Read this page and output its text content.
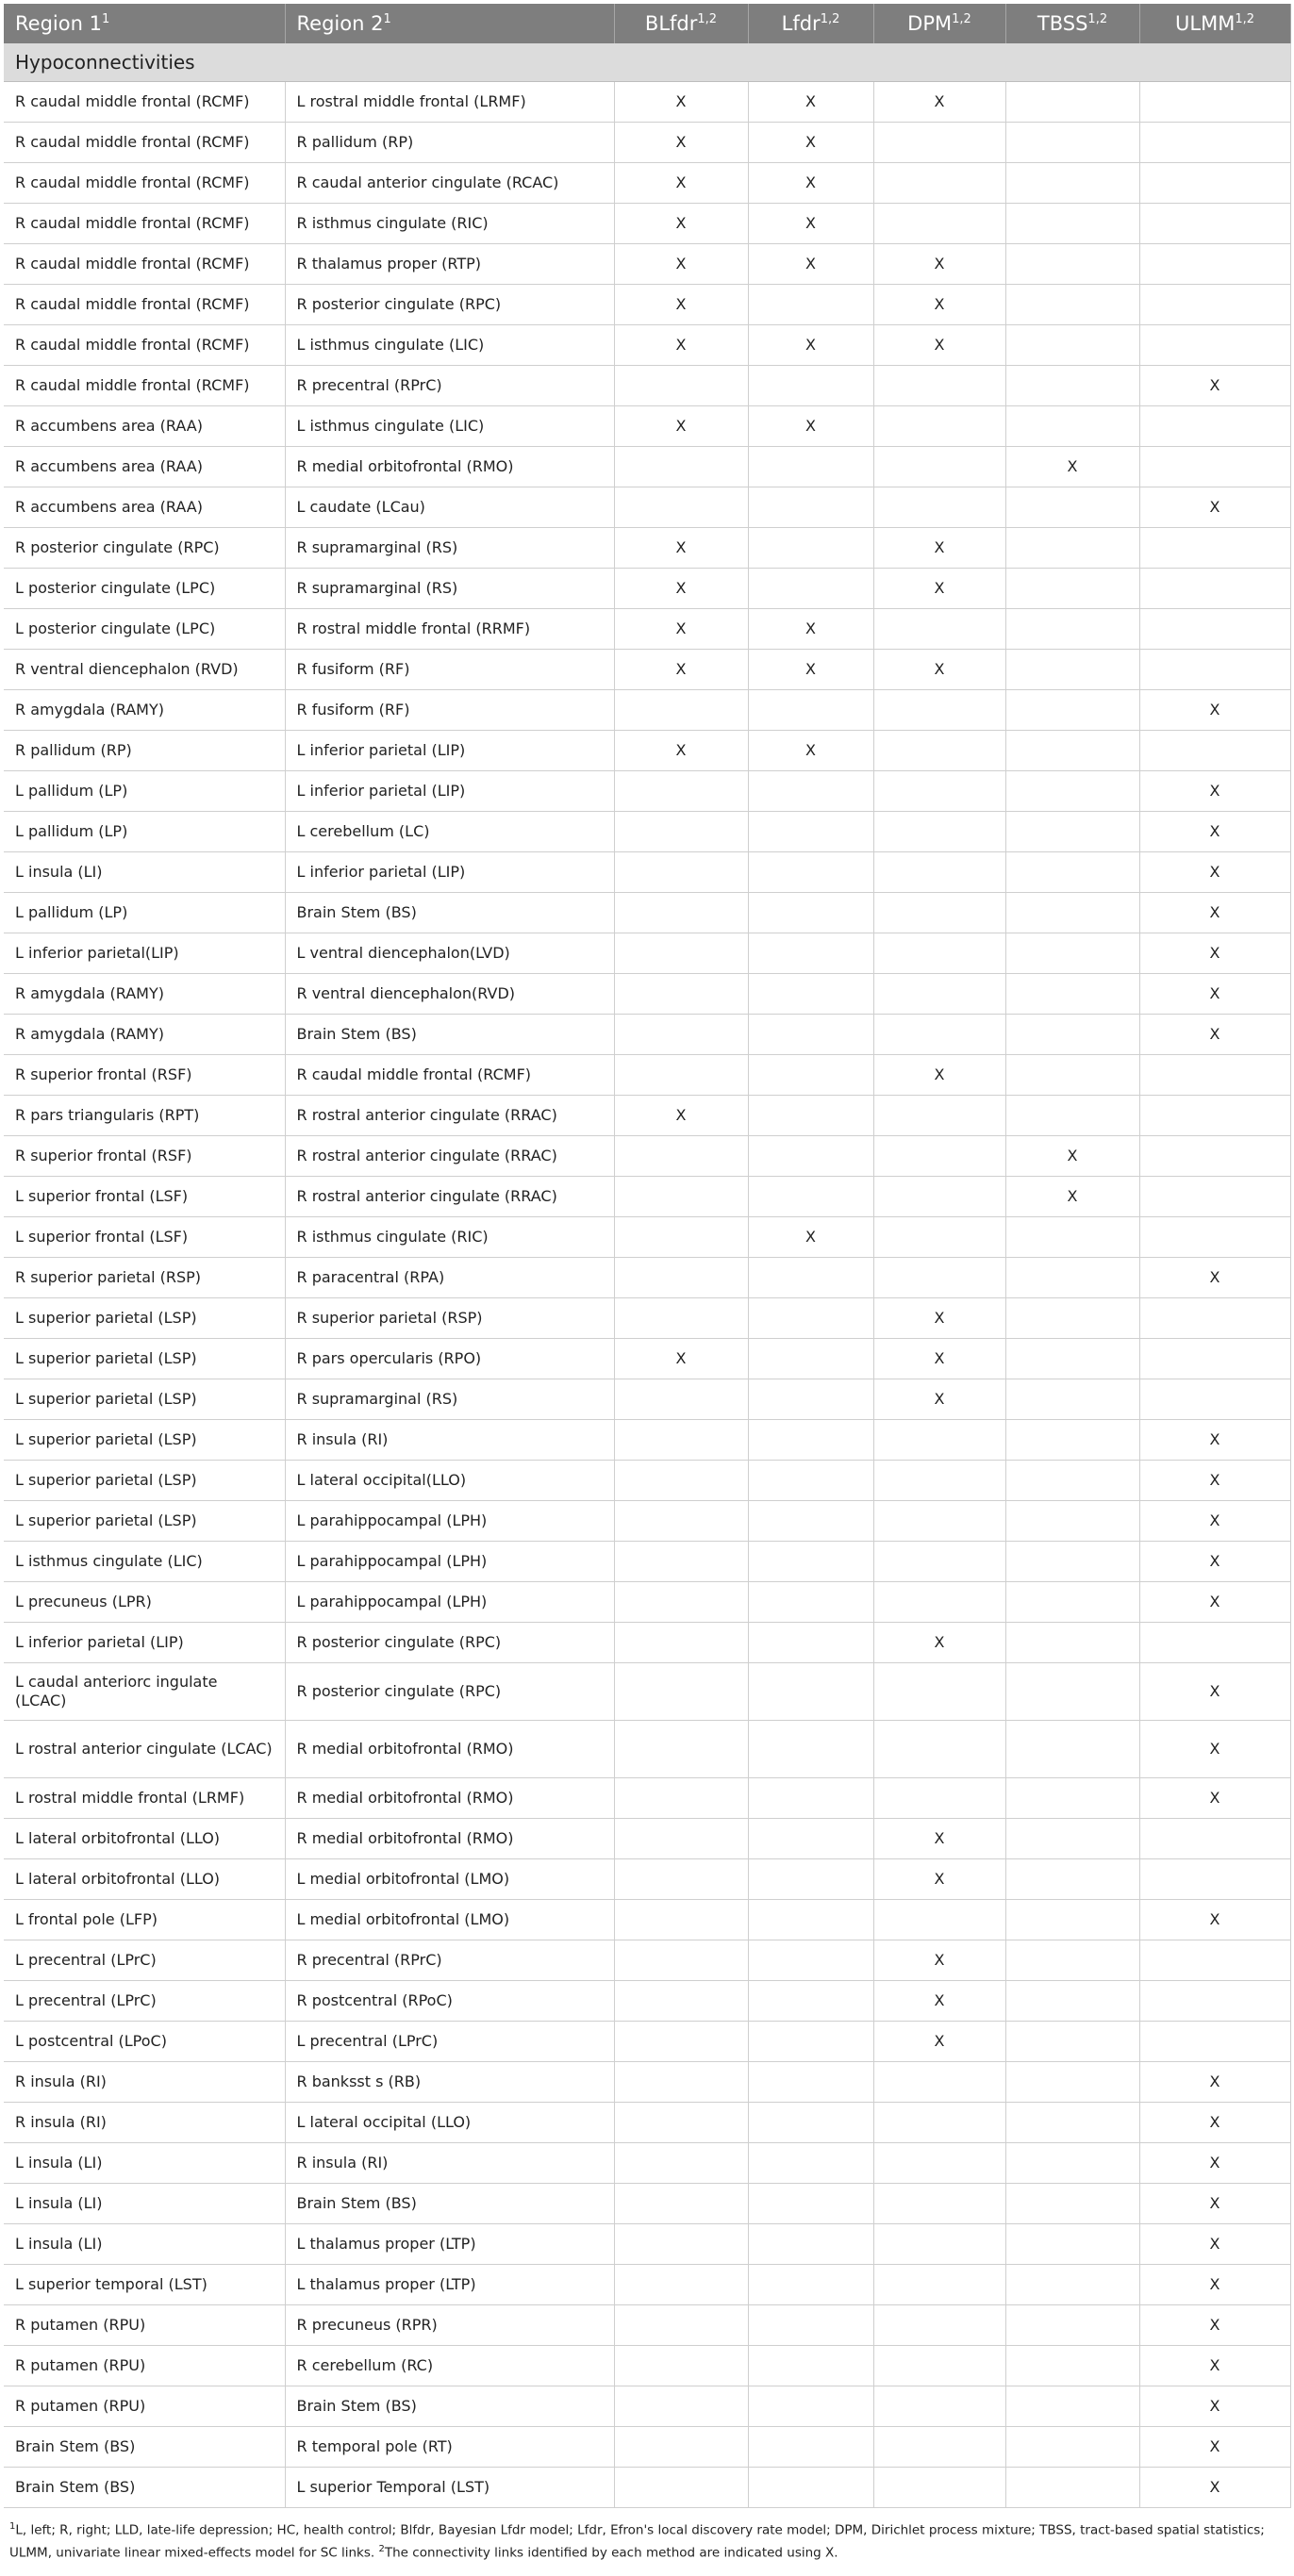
Region $1^1$	Region $2^1$	BLfdr$^{1,2}$	Lfdr$^{1,2}$	DPM$^{1,2}$	TBSS$^{1,2}$	ULMM$^{1,2}$
Hypoconnectivities						
R caudal middle frontal (RCMF)	L rostral middle frontal (LRMF)	X	X	X		
R caudal middle frontal (RCMF)	R pallidum (RP)	X	X			
R caudal middle frontal (RCMF)	R caudal anterior cingulate (RCAC)	X	X			
R caudal middle frontal (RCMF)	R isthmus cingulate (RIC)	X	X			
R caudal middle frontal (RCMF)	R thalamus proper (RTP)	X	X	X		
R caudal middle frontal (RCMF)	R posterior cingulate (RPC)	X		X		
R caudal middle frontal (RCMF)	L isthmus cingulate (LIC)	X	X	X		
R caudal middle frontal (RCMF)	R precentral (RPrC)					X
R accumbens area (RAA)	L isthmus cingulate (LIC)	X	X			
R accumbens area (RAA)	R medial orbitofrontal (RMO)				X	
R accumbens area (RAA)	L caudate (LCau)					X
R posterior cingulate (RPC)	R supramarginal (RS)	X		X		
L posterior cingulate (LPC)	R supramarginal (RS)	X		X		
L posterior cingulate (LPC)	R rostral middle frontal (RRMF)	X	X			
R ventral diencephalon (RVD)	R fusiform (RF)	X	X	X		
R amygdala (RAMY)	R fusiform (RF)					X
R pallidum (RP)	L inferior parietal (LIP)	X	X			
L pallidum (LP)	L inferior parietal (LIP)					X
L pallidum (LP)	L cerebellum (LC)					X
L insula (LI)	L inferior parietal (LIP)					X
L pallidum (LP)	Brain Stem (BS)					X
L inferior parietal(LIP)	L ventral diencephalon(LVD)					X
R amygdala (RAMY)	R ventral diencephalon(RVD)					X
R amygdala (RAMY)	Brain Stem (BS)					X
R superior frontal (RSF)	R caudal middle frontal (RCMF)			X		
R pars triangularis (RPT)	R rostral anterior cingulate (RRAC)	X				
R superior frontal (RSF)	R rostral anterior cingulate (RRAC)				X	
L superior frontal (LSF)	R rostral anterior cingulate (RRAC)				X	
L superior frontal (LSF)	R isthmus cingulate (RIC)		X			
R superior parietal (RSP)	R paracentral (RPA)					X
L superior parietal (LSP)	R superior parietal (RSP)			X		
L superior parietal (LSP)	R pars opercularis (RPO)	X		X		
L superior parietal (LSP)	R supramarginal (RS)			X		
L superior parietal (LSP)	R insula (RI)					X
L superior parietal (LSP)	L lateral occipital(LLO)					X
L superior parietal (LSP)	L parahippocampal (LPH)					X
L isthmus cingulate (LIC)	L parahippocampal (LPH)					X
L precuneus (LPR)	L parahippocampal (LPH)					X
L inferior parietal (LIP)	R posterior cingulate (RPC)			X		
L caudal anteriorc ingulate (LCAC)	R posterior cingulate (RPC)					X
L rostral anterior cingulate (LCAC)	R medial orbitofrontal (RMO)					X
L rostral middle frontal (LRMF)	R medial orbitofrontal (RMO)					X
L lateral orbitofrontal (LLO)	R medial orbitofrontal (RMO)			X		
L lateral orbitofrontal (LLO)	L medial orbitofrontal (LMO)			X		
L frontal pole (LFP)	L medial orbitofrontal (LMO)					X
L precentral (LPrC)	R precentral (RPrC)			X		
L precentral (LPrC)	R postcentral (RPoC)			X		
L postcentral (LPoC)	L precentral (LPrC)			X		
R insula (RI)	R banksst s (RB)					X
R insula (RI)	L lateral occipital (LLO)					X
L insula (LI)	R insula (RI)					X
L insula (LI)	Brain Stem (BS)					X
L insula (LI)	L thalamus proper (LTP)					X
L superior temporal (LST)	L thalamus proper (LTP)					X
R putamen (RPU)	R precuneus (RPR)					X
R putamen (RPU)	R cerebellum (RC)					X
R putamen (RPU)	Brain Stem (BS)					X
Brain Stem (BS)	R temporal pole (RT)					X
Brain Stem (BS)	L superior Temporal (LST)					X
$^1$L, left; R, right; LLD, late-life depression; HC, health control; Blfdr, Bayesian Lfdr model; Lfdr, Efron's local discovery rate model; DPM, Dirichlet process mixture; TBSS, tract-based spatial statistics; ULMM, univariate linear mixed-effects model for SC links. $^2$The connectivity links identified by each method are indicated using X.
